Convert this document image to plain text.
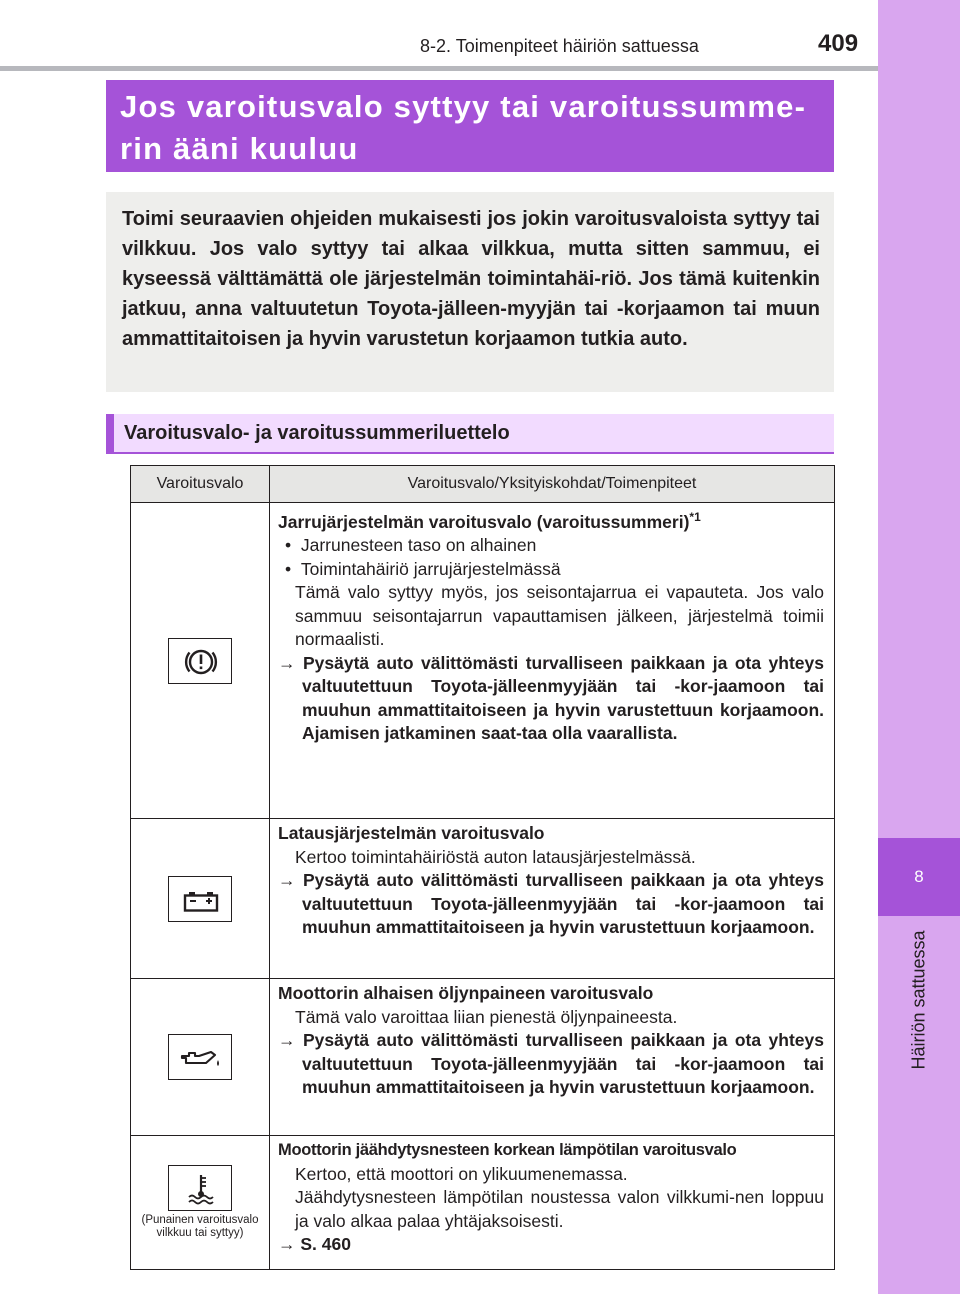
8-2. Toimenpiteet häiriön sattuessa	409
8
Häiriön sattuessa
Jos varoitusvalo syttyy tai varoitussumme-rin ääni kuuluu

Toimi seuraavien ohjeiden mukaisesti jos jokin varoitusvaloista syttyy tai vilkkuu. Jos valo syttyy tai alkaa vilkkua, mutta sitten sammuu, ei kyseessä välttämättä ole järjestelmän toimintahäi-riö. Jos tämä kuitenkin jatkuu, anna valtuutetun Toyota-jälleen-myyjän tai -korjaamon tai muun ammattitaitoisen ja hyvin varustetun korjaamon tutkia auto.

Varoitusvalo- ja varoitussummeriluettelo
Varoitusvalo	Varoitusvalo/Yksityiskohdat/Toimenpiteet

Jarrujärjestelmän varoitusvalo (varoitussummeri)$^{*1}$
• Jarrunesteen taso on alhainen
• Toimintahäiriö jarrujärjestelmässä
Tämä valo syttyy myös, jos seisontajarrua ei vapauteta. Jos valo sammuu seisontajarrun vapauttamisen jälkeen, järjestelmä toimii normaalisti.
→ Pysäytä auto välittömästi turvalliseen paikkaan ja ota yhteys valtuutettuun Toyota-jälleenmyyjään tai -kor-jaamoon tai muuhun ammattitaitoiseen ja hyvin varustettuun korjaamoon. Ajamisen jatkaminen saat-taa olla vaarallista.

Latausjärjestelmän varoitusvalo
Kertoo toimintahäiriöstä auton latausjärjestelmässä.
→ Pysäytä auto välittömästi turvalliseen paikkaan ja ota yhteys valtuutettuun Toyota-jälleenmyyjään tai -kor-jaamoon tai muuhun ammattitaitoiseen ja hyvin varustettuun korjaamoon.

Moottorin alhaisen öljynpaineen varoitusvalo
Tämä valo varoittaa liian pienestä öljynpaineesta.
→ Pysäytä auto välittömästi turvalliseen paikkaan ja ota yhteys valtuutettuun Toyota-jälleenmyyjään tai -kor-jaamoon tai muuhun ammattitaitoiseen ja hyvin varustettuun korjaamoon.

(Punainen varoitusvalo vilkkuu tai syttyy)	Moottorin jäähdytysnesteen korkean lämpötilan varoitusvalo
Kertoo, että moottori on ylikuumenemassa.
Jäähdytysnesteen lämpötilan noustessa valon vilkkumi-nen loppuu ja valo alkaa palaa yhtäjaksoisesti.
→ S. 460
